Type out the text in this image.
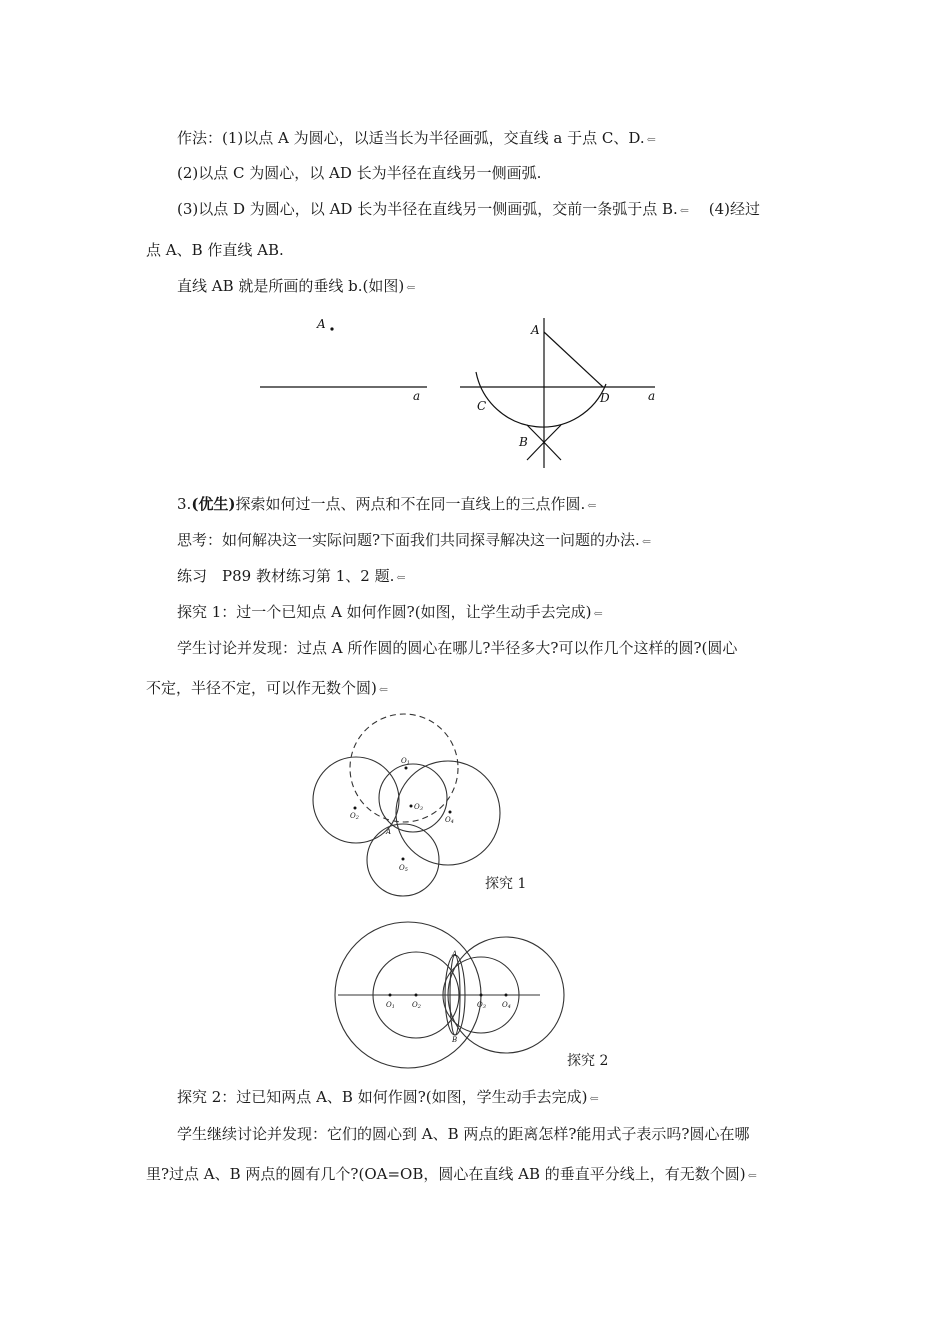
作法：(1)以点 A 为圆心，以适当长为半径画弧，交直线 a 于点 C、D. ⇐
(2)以点 C 为圆心，以 AD 长为半径在直线另一侧画弧.
(3)以点 D 为圆心，以 AD 长为半径在直线另一侧画弧，交前一条弧于点 B. ⇐　 (4)经过
点 A、B 作直线 AB.
直线 AB 就是所画的垂线 b.(如图) ⇐
A
a
A
C
D	a
B
3.(优生)探索如何过一点、两点和不在同一直线上的三点作圆. ⇐
思考：如何解决这一实际问题?下面我们共同探寻解决这一问题的办法. ⇐
练习　P89 教材练习第 1、2 题. ⇐
探究 1：过一个已知点 A 如何作圆?(如图，让学生动手去完成) ⇐
学生讨论并发现：过点 A 所作圆的圆心在哪儿?半径多大?可以作几个这样的圆?(圆心
不定，半径不定，可以作无数个圆) ⇐
O1
O2
O3
O4
O5
A
探究 1
A
B
O1 O2	O3 O4
探究 2
探究 2：过已知两点 A、B 如何作圆?(如图，学生动手去完成) ⇐
学生继续讨论并发现：它们的圆心到 A、B 两点的距离怎样?能用式子表示吗?圆心在哪
里?过点 A、B 两点的圆有几个?(OA=OB，圆心在直线 AB 的垂直平分线上，有无数个圆) ⇐
